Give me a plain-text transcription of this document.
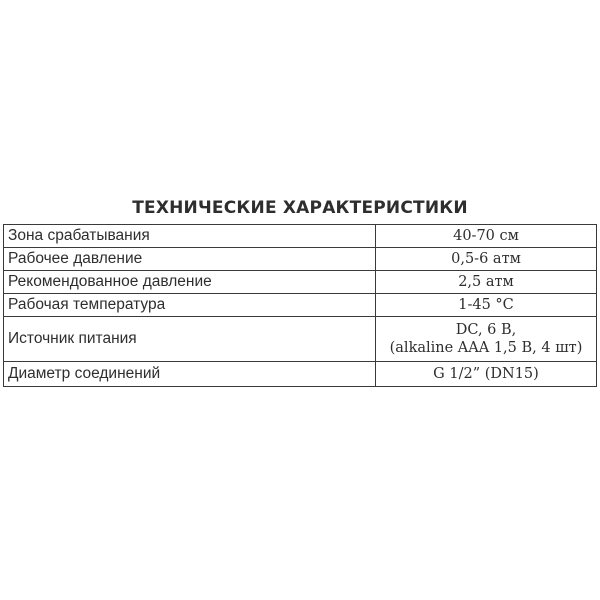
ТЕХНИЧЕСКИЕ ХАРАКТЕРИСТИКИ
Зона срабатывания	40-70 см
Рабочее давление	0,5-6 атм
Рекомендованное давление	2,5 атм
Рабочая температура	1-45 °C
Источник питания	DC, 6 В,
(alkaline AAA 1,5 В, 4 шт)

Диаметр соединений	G 1/2” (DN15)
